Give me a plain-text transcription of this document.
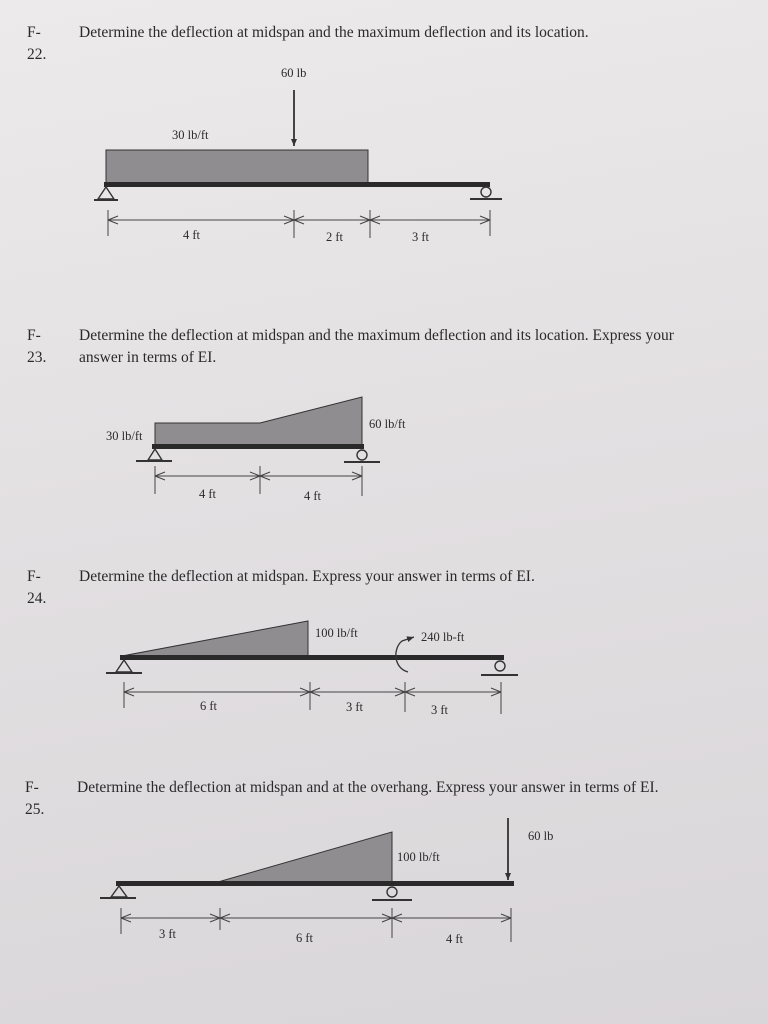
F-22.
Determine the deflection at midspan and the maximum deflection and its location.
F-23.
Determine the deflection at midspan and the maximum deflection and its location. Express your
answer in terms of EI.
F-24.
Determine the deflection at midspan. Express your answer in terms of EI.
F-25.
Determine the deflection at midspan and at the overhang. Express your answer in terms of EI.
60 lb
30 lb/ft
4 ft	2 ft	3 ft
30 lb/ft
60 lb/ft
4 ft	4 ft
100 lb/ft	240 lb-ft
6 ft	3 ft	3 ft
100 lb/ft
60 lb
3 ft	6 ft	4 ft
